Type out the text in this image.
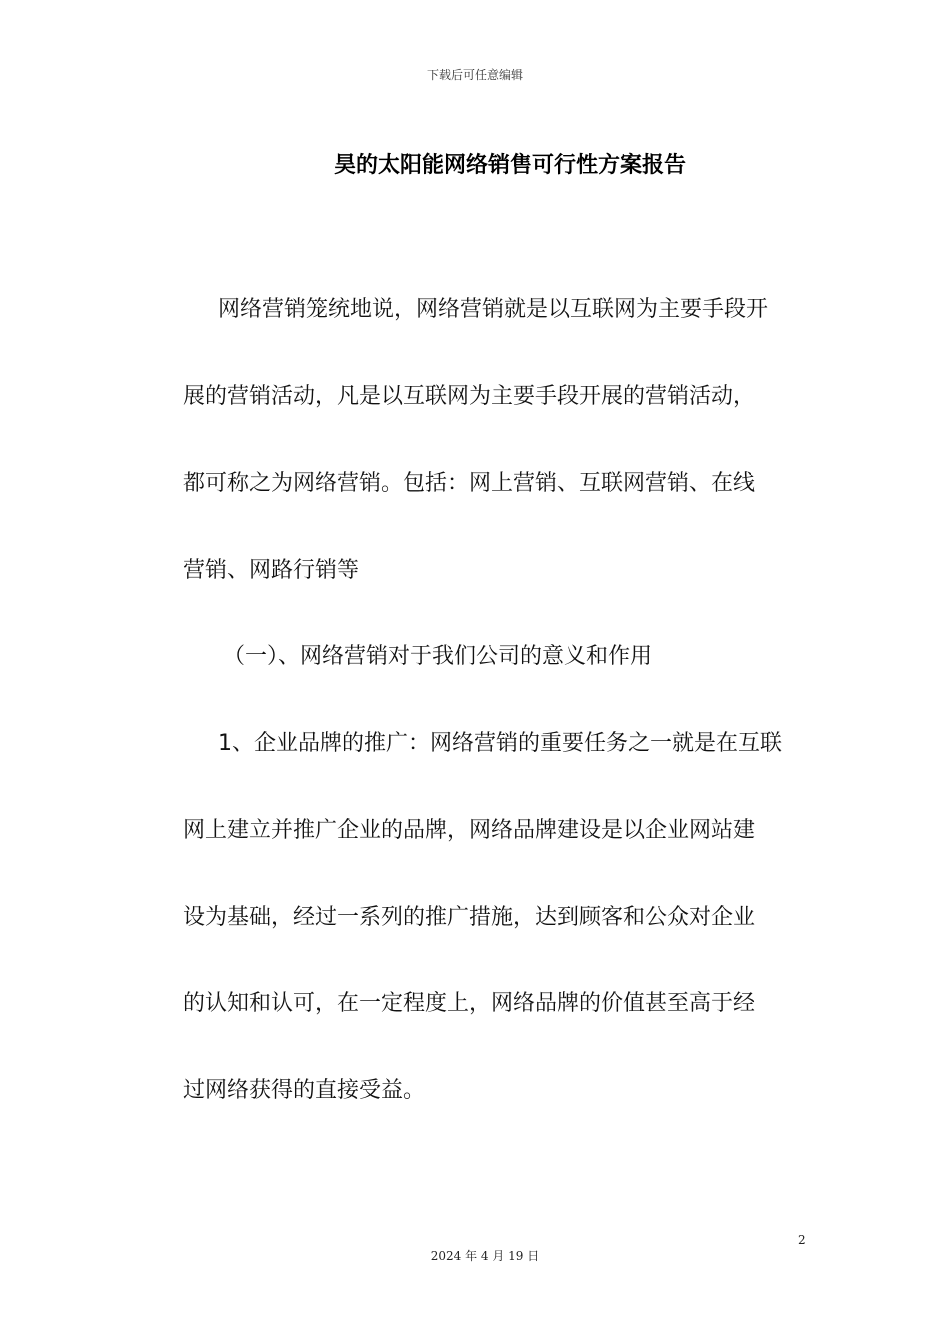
下载后可任意编辑
昊的太阳能网络销售可行性方案报告
网络营销笼统地说，网络营销就是以互联网为主要手段开
展的营销活动，凡是以互联网为主要手段开展的营销活动，
都可称之为网络营销。包括：网上营销、互联网营销、在线
营销、网路行销等
（一）、网络营销对于我们公司的意义和作用
1、企业品牌的推广：网络营销的重要任务之一就是在互联
网上建立并推广企业的品牌，网络品牌建设是以企业网站建
设为基础，经过一系列的推广措施，达到顾客和公众对企业
的认知和认可，在一定程度上，网络品牌的价值甚至高于经
过网络获得的直接受益。
2
2024 年 4 月 19 日
